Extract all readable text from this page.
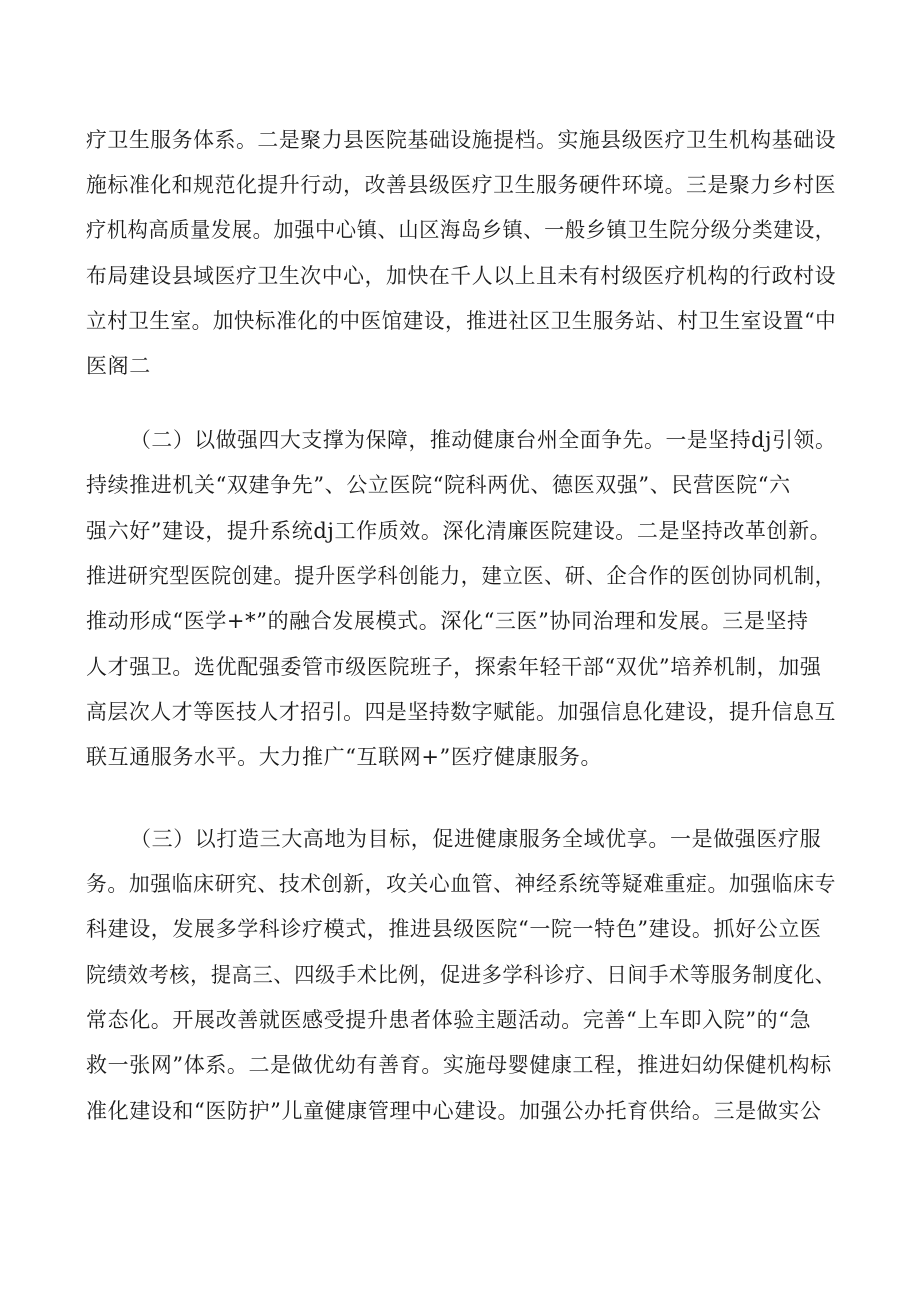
疗卫生服务体系。二是聚力县医院基础设施提档。实施县级医疗卫生机构基础设

施标准化和规范化提升行动，改善县级医疗卫生服务硬件环境。三是聚力乡村医

疗机构高质量发展。加强中心镇、山区海岛乡镇、一般乡镇卫生院分级分类建设，

布局建设县域医疗卫生次中心，加快在千人以上且未有村级医疗机构的行政村设

立村卫生室。加快标准化的中医馆建设，推进社区卫生服务站、村卫生室设置“中

医阁二

（二）以做强四大支撑为保障，推动健康台州全面争先。一是坚持dj引领。

持续推进机关“双建争先”、公立医院“院科两优、德医双强”、民营医院“六

强六好”建设，提升系统dj工作质效。深化清廉医院建设。二是坚持改革创新。

推进研究型医院创建。提升医学科创能力，建立医、研、企合作的医创协同机制，

推动形成“医学+*”的融合发展模式。深化“三医”协同治理和发展。三是坚持

人才强卫。选优配强委管市级医院班子，探索年轻干部“双优”培养机制，加强

高层次人才等医技人才招引。四是坚持数字赋能。加强信息化建设，提升信息互

联互通服务水平。大力推广“互联网+”医疗健康服务。

（三）以打造三大高地为目标，促进健康服务全域优享。一是做强医疗服

务。加强临床研究、技术创新，攻关心血管、神经系统等疑难重症。加强临床专

科建设，发展多学科诊疗模式，推进县级医院“一院一特色”建设。抓好公立医

院绩效考核，提高三、四级手术比例，促进多学科诊疗、日间手术等服务制度化、

常态化。开展改善就医感受提升患者体验主题活动。完善“上车即入院”的“急

救一张网”体系。二是做优幼有善育。实施母婴健康工程，推进妇幼保健机构标

准化建设和“医防护”儿童健康管理中心建设。加强公办托育供给。三是做实公
